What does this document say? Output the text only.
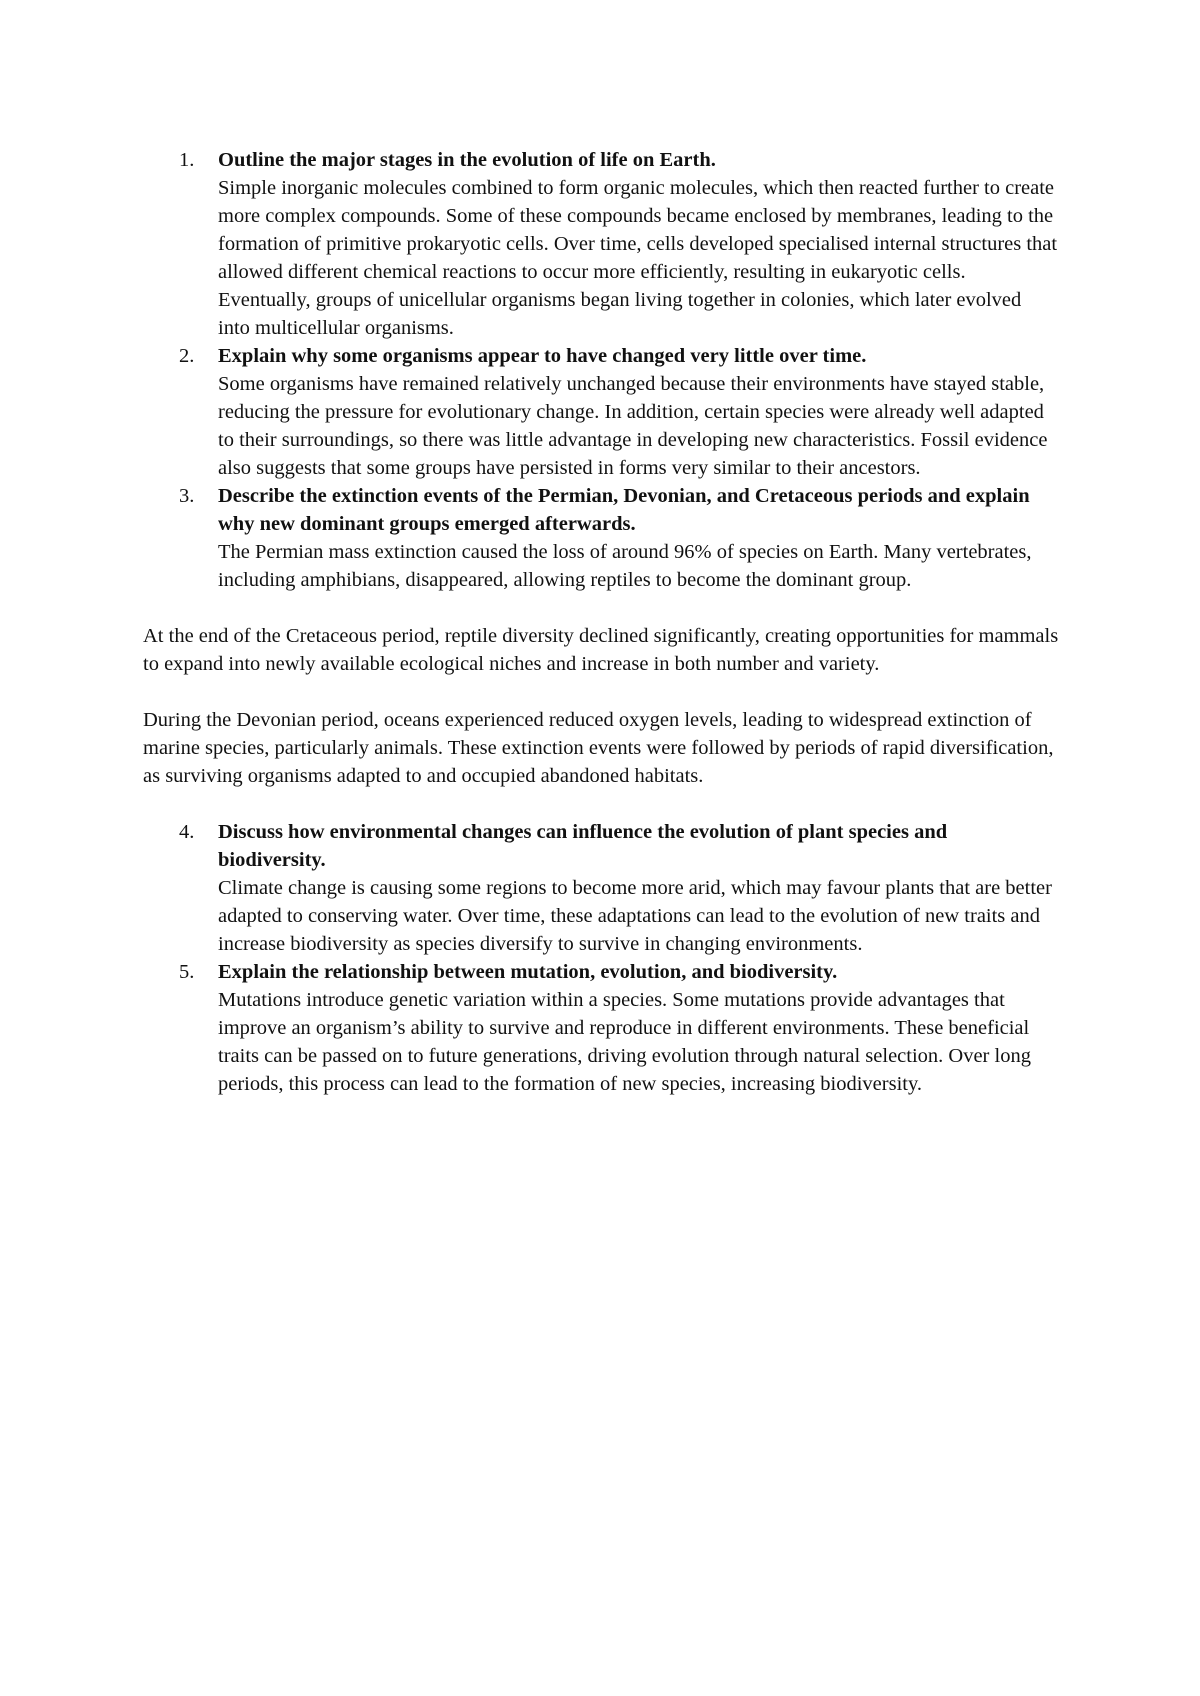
1. Outline the major stages in the evolution of life on Earth.
Simple inorganic molecules combined to form organic molecules, which then reacted further to create more complex compounds. Some of these compounds became enclosed by membranes, leading to the formation of primitive prokaryotic cells. Over time, cells developed specialised internal structures that allowed different chemical reactions to occur more efficiently, resulting in eukaryotic cells. Eventually, groups of unicellular organisms began living together in colonies, which later evolved into multicellular organisms.
2. Explain why some organisms appear to have changed very little over time.
Some organisms have remained relatively unchanged because their environments have stayed stable, reducing the pressure for evolutionary change. In addition, certain species were already well adapted to their surroundings, so there was little advantage in developing new characteristics. Fossil evidence also suggests that some groups have persisted in forms very similar to their ancestors.
3. Describe the extinction events of the Permian, Devonian, and Cretaceous periods and explain why new dominant groups emerged afterwards.
The Permian mass extinction caused the loss of around 96% of species on Earth. Many vertebrates, including amphibians, disappeared, allowing reptiles to become the dominant group.

At the end of the Cretaceous period, reptile diversity declined significantly, creating opportunities for mammals to expand into newly available ecological niches and increase in both number and variety.

During the Devonian period, oceans experienced reduced oxygen levels, leading to widespread extinction of marine species, particularly animals. These extinction events were followed by periods of rapid diversification, as surviving organisms adapted to and occupied abandoned habitats.

4. Discuss how environmental changes can influence the evolution of plant species and biodiversity.
Climate change is causing some regions to become more arid, which may favour plants that are better adapted to conserving water. Over time, these adaptations can lead to the evolution of new traits and increase biodiversity as species diversify to survive in changing environments.
5. Explain the relationship between mutation, evolution, and biodiversity.
Mutations introduce genetic variation within a species. Some mutations provide advantages that improve an organism’s ability to survive and reproduce in different environments. These beneficial traits can be passed on to future generations, driving evolution through natural selection. Over long periods, this process can lead to the formation of new species, increasing biodiversity.
